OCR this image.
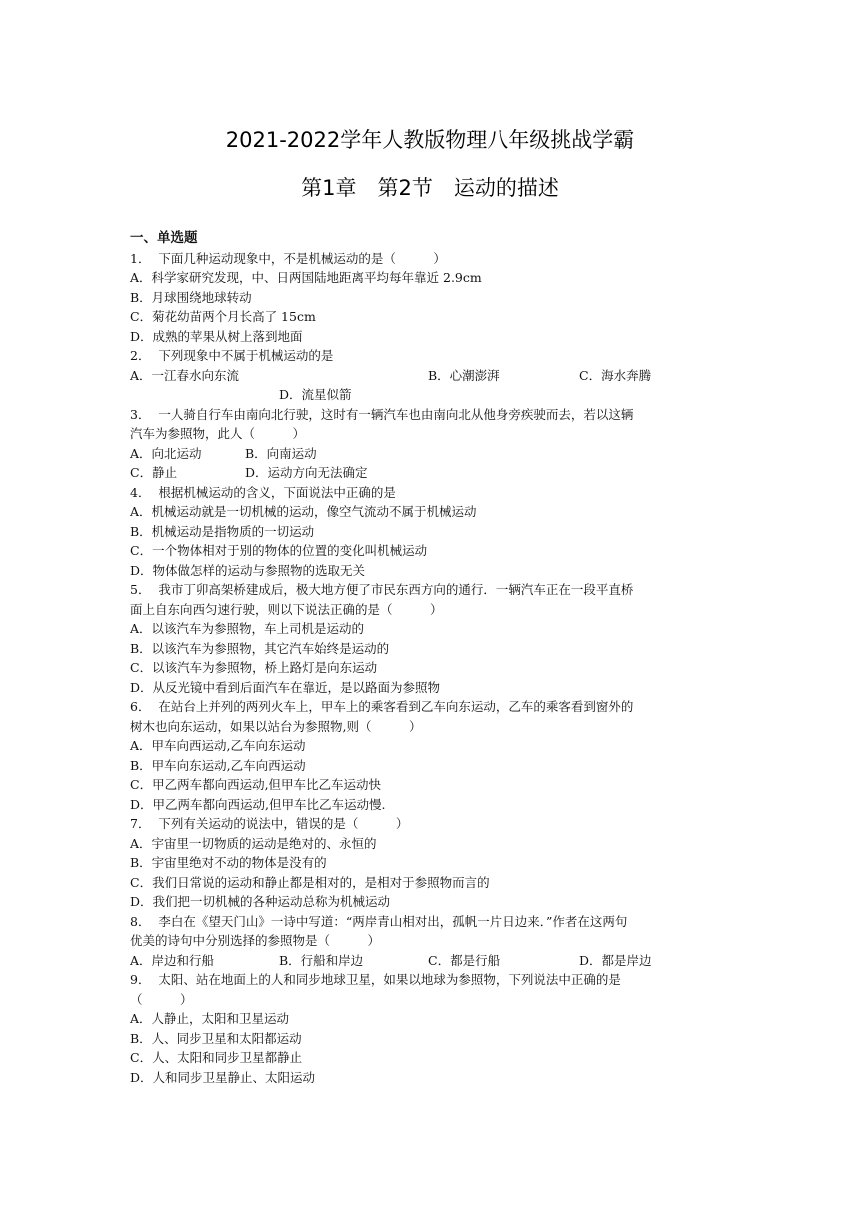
2021-2022学年人教版物理八年级挑战学霸
第1章　第2节　运动的描述
一、单选题
1．  下面几种运动现象中，不是机械运动的是（　　　）
A．科学家研究发现，中、日两国陆地距离平均每年靠近 2.9cm
B．月球围绕地球转动
C．菊花幼苗两个月长高了 15cm
D．成熟的苹果从树上落到地面
2．  下列现象中不属于机械运动的是

A．一江春水向东流

	B．心潮澎湃

	C．海水奔腾

D．流星似箭

3．  一人骑自行车由南向北行驶，这时有一辆汽车也由南向北从他身旁疾驶而去，若以这辆
汽车为参照物，此人（　　　）

A．向北运动

	B．向南运动

C．静止

	D．运动方向无法确定

4．  根据机械运动的含义，下面说法中正确的是
A．机械运动就是一切机械的运动，像空气流动不属于机械运动
B．机械运动是指物质的一切运动
C．一个物体相对于别的物体的位置的变化叫机械运动
D．物体做怎样的运动与参照物的选取无关
5．  我市丁卯高架桥建成后，极大地方便了市民东西方向的通行．一辆汽车正在一段平直桥
面上自东向西匀速行驶，则以下说法正确的是（　　　）
A．以该汽车为参照物，车上司机是运动的
B．以该汽车为参照物，其它汽车始终是运动的
C．以该汽车为参照物，桥上路灯是向东运动
D．从反光镜中看到后面汽车在靠近，是以路面为参照物
6．  在站台上并列的两列火车上，甲车上的乘客看到乙车向东运动，乙车的乘客看到窗外的
树木也向东运动，如果以站台为参照物,则（　　　）
A．甲车向西运动,乙车向东运动
B．甲车向东运动,乙车向西运动
C．甲乙两车都向西运动,但甲车比乙车运动快
D．甲乙两车都向西运动,但甲车比乙车运动慢.
7．  下列有关运动的说法中，错误的是（　　　）
A．宇宙里一切物质的运动是绝对的、永恒的
B．宇宙里绝对不动的物体是没有的
C．我们日常说的运动和静止都是相对的，是相对于参照物而言的
D．我们把一切机械的各种运动总称为机械运动
8．  李白在《望天门山》一诗中写道：“两岸青山相对出，孤帆一片日边来．”作者在这两句
优美的诗句中分别选择的参照物是（　　　）

A．岸边和行船

	B．行船和岸边

	C．都是行船

	D．都是岸边

9．  太阳、站在地面上的人和同步地球卫星，如果以地球为参照物，下列说法中正确的是
（　　　）
A．人静止，太阳和卫星运动
B．人、同步卫星和太阳都运动
C．人、太阳和同步卫星都静止
D．人和同步卫星静止、太阳运动
